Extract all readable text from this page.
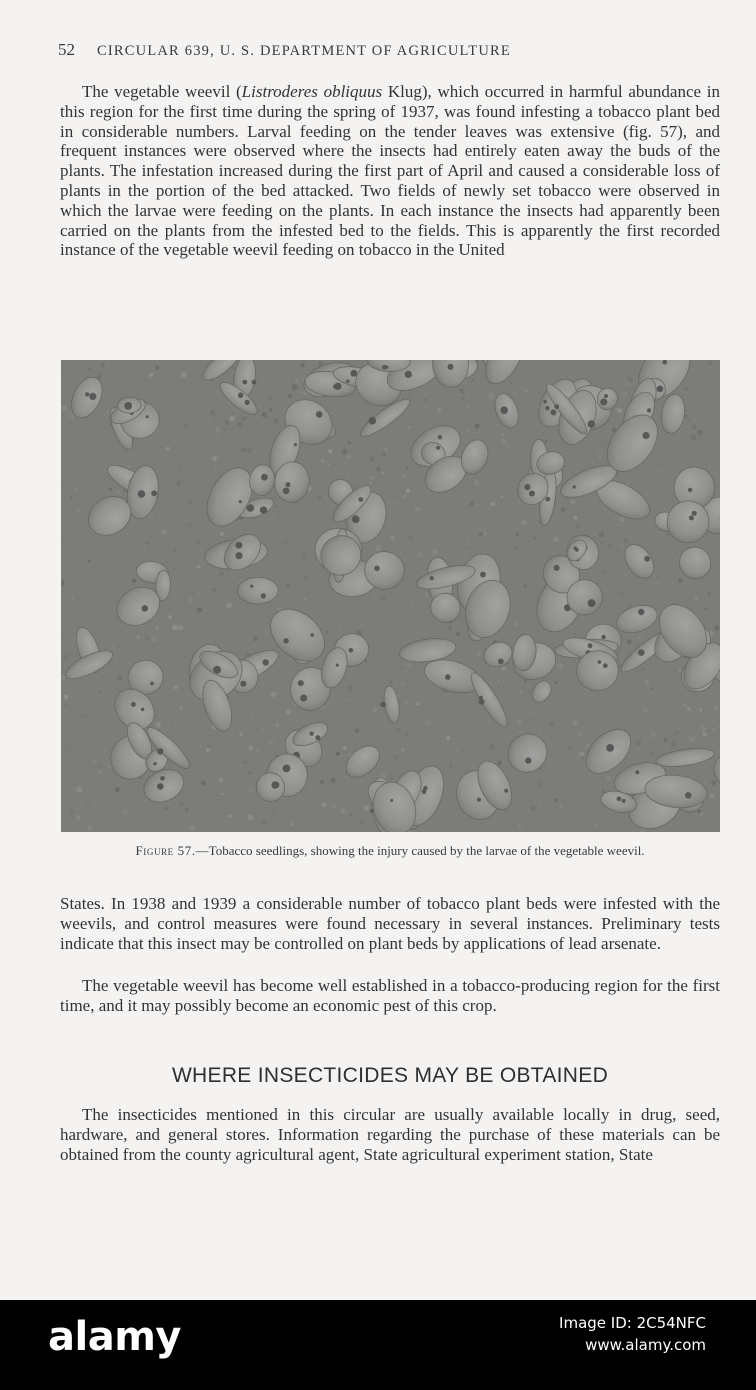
52 CIRCULAR 639, U. S. DEPARTMENT OF AGRICULTURE

The vegetable weevil (Listroderes obliquus Klug), which occurred in harmful abundance in this region for the first time during the spring of 1937, was found infesting a tobacco plant bed in considerable numbers. Larval feeding on the tender leaves was extensive (fig. 57), and frequent instances were observed where the insects had entirely eaten away the buds of the plants. The infestation increased during the first part of April and caused a considerable loss of plants in the portion of the bed attacked. Two fields of newly set tobacco were observed in which the larvae were feeding on the plants. In each instance the insects had apparently been carried on the plants from the infested bed to the fields. This is apparently the first recorded instance of the vegetable weevil feeding on tobacco in the United

Figure 57.—Tobacco seedlings, showing the injury caused by the larvae of the vegetable weevil.

States. In 1938 and 1939 a considerable number of tobacco plant beds were infested with the weevils, and control measures were found necessary in several instances. Preliminary tests indicate that this insect may be controlled on plant beds by applications of lead arsenate.

The vegetable weevil has become well established in a tobacco-producing region for the first time, and it may possibly become an economic pest of this crop.

WHERE INSECTICIDES MAY BE OBTAINED

The insecticides mentioned in this circular are usually available locally in drug, seed, hardware, and general stores. Information regarding the purchase of these materials can be obtained from the county agricultural agent, State agricultural experiment station, State

alamy	Image ID: 2C54NFC
www.alamy.com
